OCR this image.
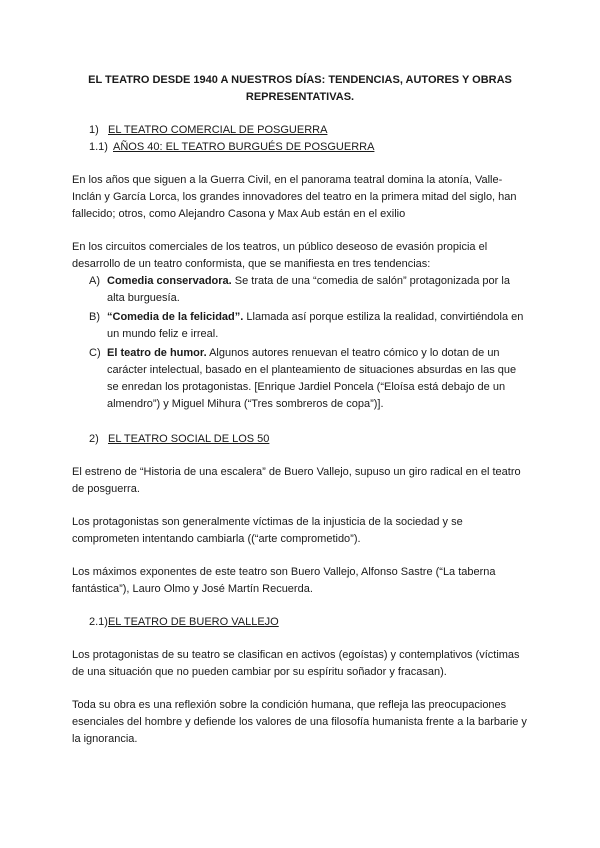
EL TEATRO DESDE 1940 A NUESTROS DÍAS: TENDENCIAS, AUTORES Y OBRAS REPRESENTATIVAS.
1) EL TEATRO COMERCIAL DE POSGUERRA
1.1) AÑOS 40: EL TEATRO BURGUÉS DE POSGUERRA

En los años que siguen a la Guerra Civil, en el panorama teatral domina la atonía, Valle-Inclán y García Lorca, los grandes innovadores del teatro en la primera mitad del siglo, han fallecido; otros, como Alejandro Casona y Max Aub están en el exilio

En los circuitos comerciales de los teatros, un público deseoso de evasión propicia el desarrollo de un teatro conformista, que se manifiesta en tres tendencias:

A) Comedia conservadora. Se trata de una “comedia de salón” protagonizada por la alta burguesía.
B) “Comedia de la felicidad”. Llamada así porque estiliza la realidad, convirtiéndola en un mundo feliz e irreal.
C) El teatro de humor. Algunos autores renuevan el teatro cómico y lo dotan de un carácter intelectual, basado en el planteamiento de situaciones absurdas en las que se enredan los protagonistas. [Enrique Jardiel Poncela (“Eloísa está debajo de un almendro”) y Miguel Mihura (“Tres sombreros de copa”)].
2) EL TEATRO SOCIAL DE LOS 50

El estreno de “Historia de una escalera” de Buero Vallejo, supuso un giro radical en el teatro de posguerra.

Los protagonistas son generalmente víctimas de la injusticia de la sociedad y se comprometen intentando cambiarla ((“arte comprometido”).

Los máximos exponentes de este teatro son Buero Vallejo, Alfonso Sastre (“La taberna fantástica”), Lauro Olmo y José Martín Recuerda.

2.1)EL TEATRO DE BUERO VALLEJO

Los protagonistas de su teatro se clasifican en activos (egoístas) y contemplativos (víctimas de una situación que no pueden cambiar por su espíritu soñador y fracasan).

Toda su obra es una reflexión sobre la condición humana, que refleja las preocupaciones esenciales del hombre y defiende los valores de una filosofía humanista frente a la barbarie y la ignorancia.
